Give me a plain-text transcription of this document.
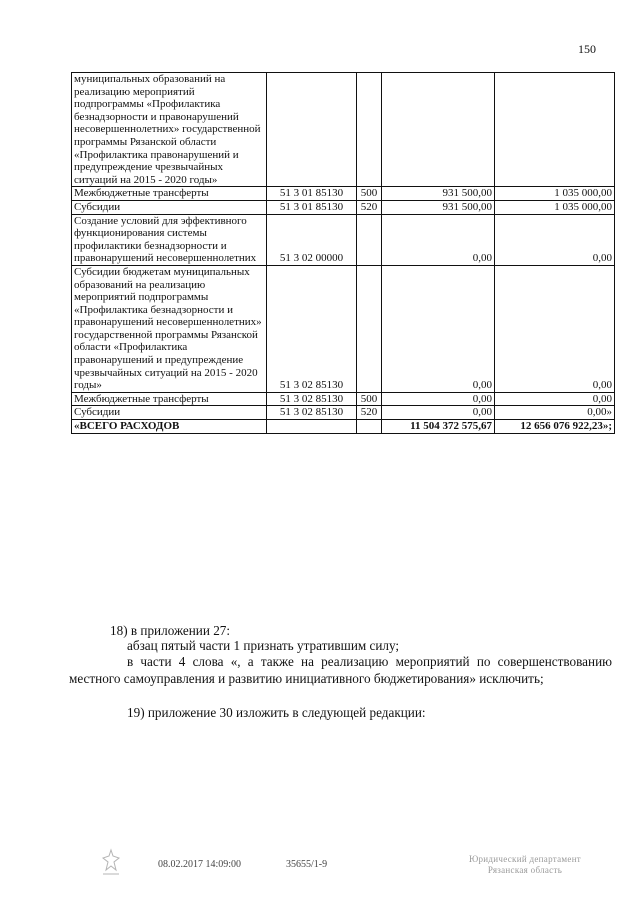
150
муниципальных образований на реализацию мероприятий подпрограммы «Профилактика безнадзорности и правонарушений несовершеннолетних» государственной программы Рязанской области «Профилактика правонарушений и предупреждение чрезвычайных ситуаций на 2015 - 2020 годы»				
Межбюджетные трансферты	51 3 01 85130	500	931 500,00	1 035 000,00
Субсидии	51 3 01 85130	520	931 500,00	1 035 000,00
Создание условий для эффективного функционирования системы профилактики безнадзорности и правонарушений несовершеннолетних	51 3 02 00000		0,00	0,00
Субсидии бюджетам муниципальных образований на реализацию мероприятий подпрограммы «Профилактика безнадзорности и правонарушений несовершеннолетних» государственной программы Рязанской области «Профилактика правонарушений и предупреждение чрезвычайных ситуаций на 2015 - 2020 годы»	51 3 02 85130		0,00	0,00
Межбюджетные трансферты	51 3 02 85130	500	0,00	0,00
Субсидии	51 3 02 85130	520	0,00	0,00»
«ВСЕГО РАСХОДОВ			11 504 372 575,67	12 656 076 922,23»;
18) в приложении 27:
абзац пятый части 1 признать утратившим силу;
в части 4 слова «, а также на реализацию мероприятий по совершенствованию местного самоуправления и развитию инициативного бюджетирования» исключить;
19) приложение 30 изложить в следующей редакции:
08.02.2017 14:09:00	35655/1-9	Юридический департамент
Рязанская область
